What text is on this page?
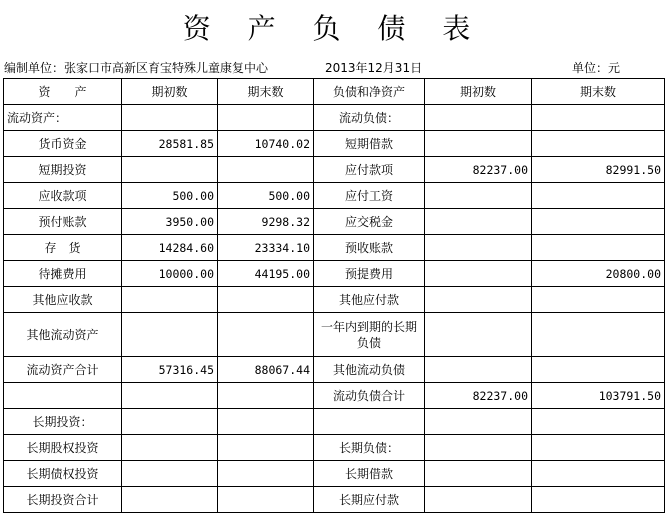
资 产 负 债 表
编制单位：张家口市高新区育宝特殊儿童康复中心	2013年12月31日	单位：元
资　　产	期初数	期末数	负债和净资产	期初数	期末数
流动资产：			流动负债：		
货币资金	28581.85	10740.02	短期借款		
短期投资			应付款项	82237.00	82991.50
应收款项	500.00	500.00	应付工资		
预付账款	3950.00	9298.32	应交税金		
存　货	14284.60	23334.10	预收账款		
待摊费用	10000.00	44195.00	预提费用		20800.00
其他应收款			其他应付款		
其他流动资产			一年内到期的长期负债		
流动资产合计	57316.45	88067.44	其他流动负债		
			流动负债合计	82237.00	103791.50
长期投资：					
长期股权投资			长期负债：		
长期债权投资			长期借款		
长期投资合计			长期应付款		
